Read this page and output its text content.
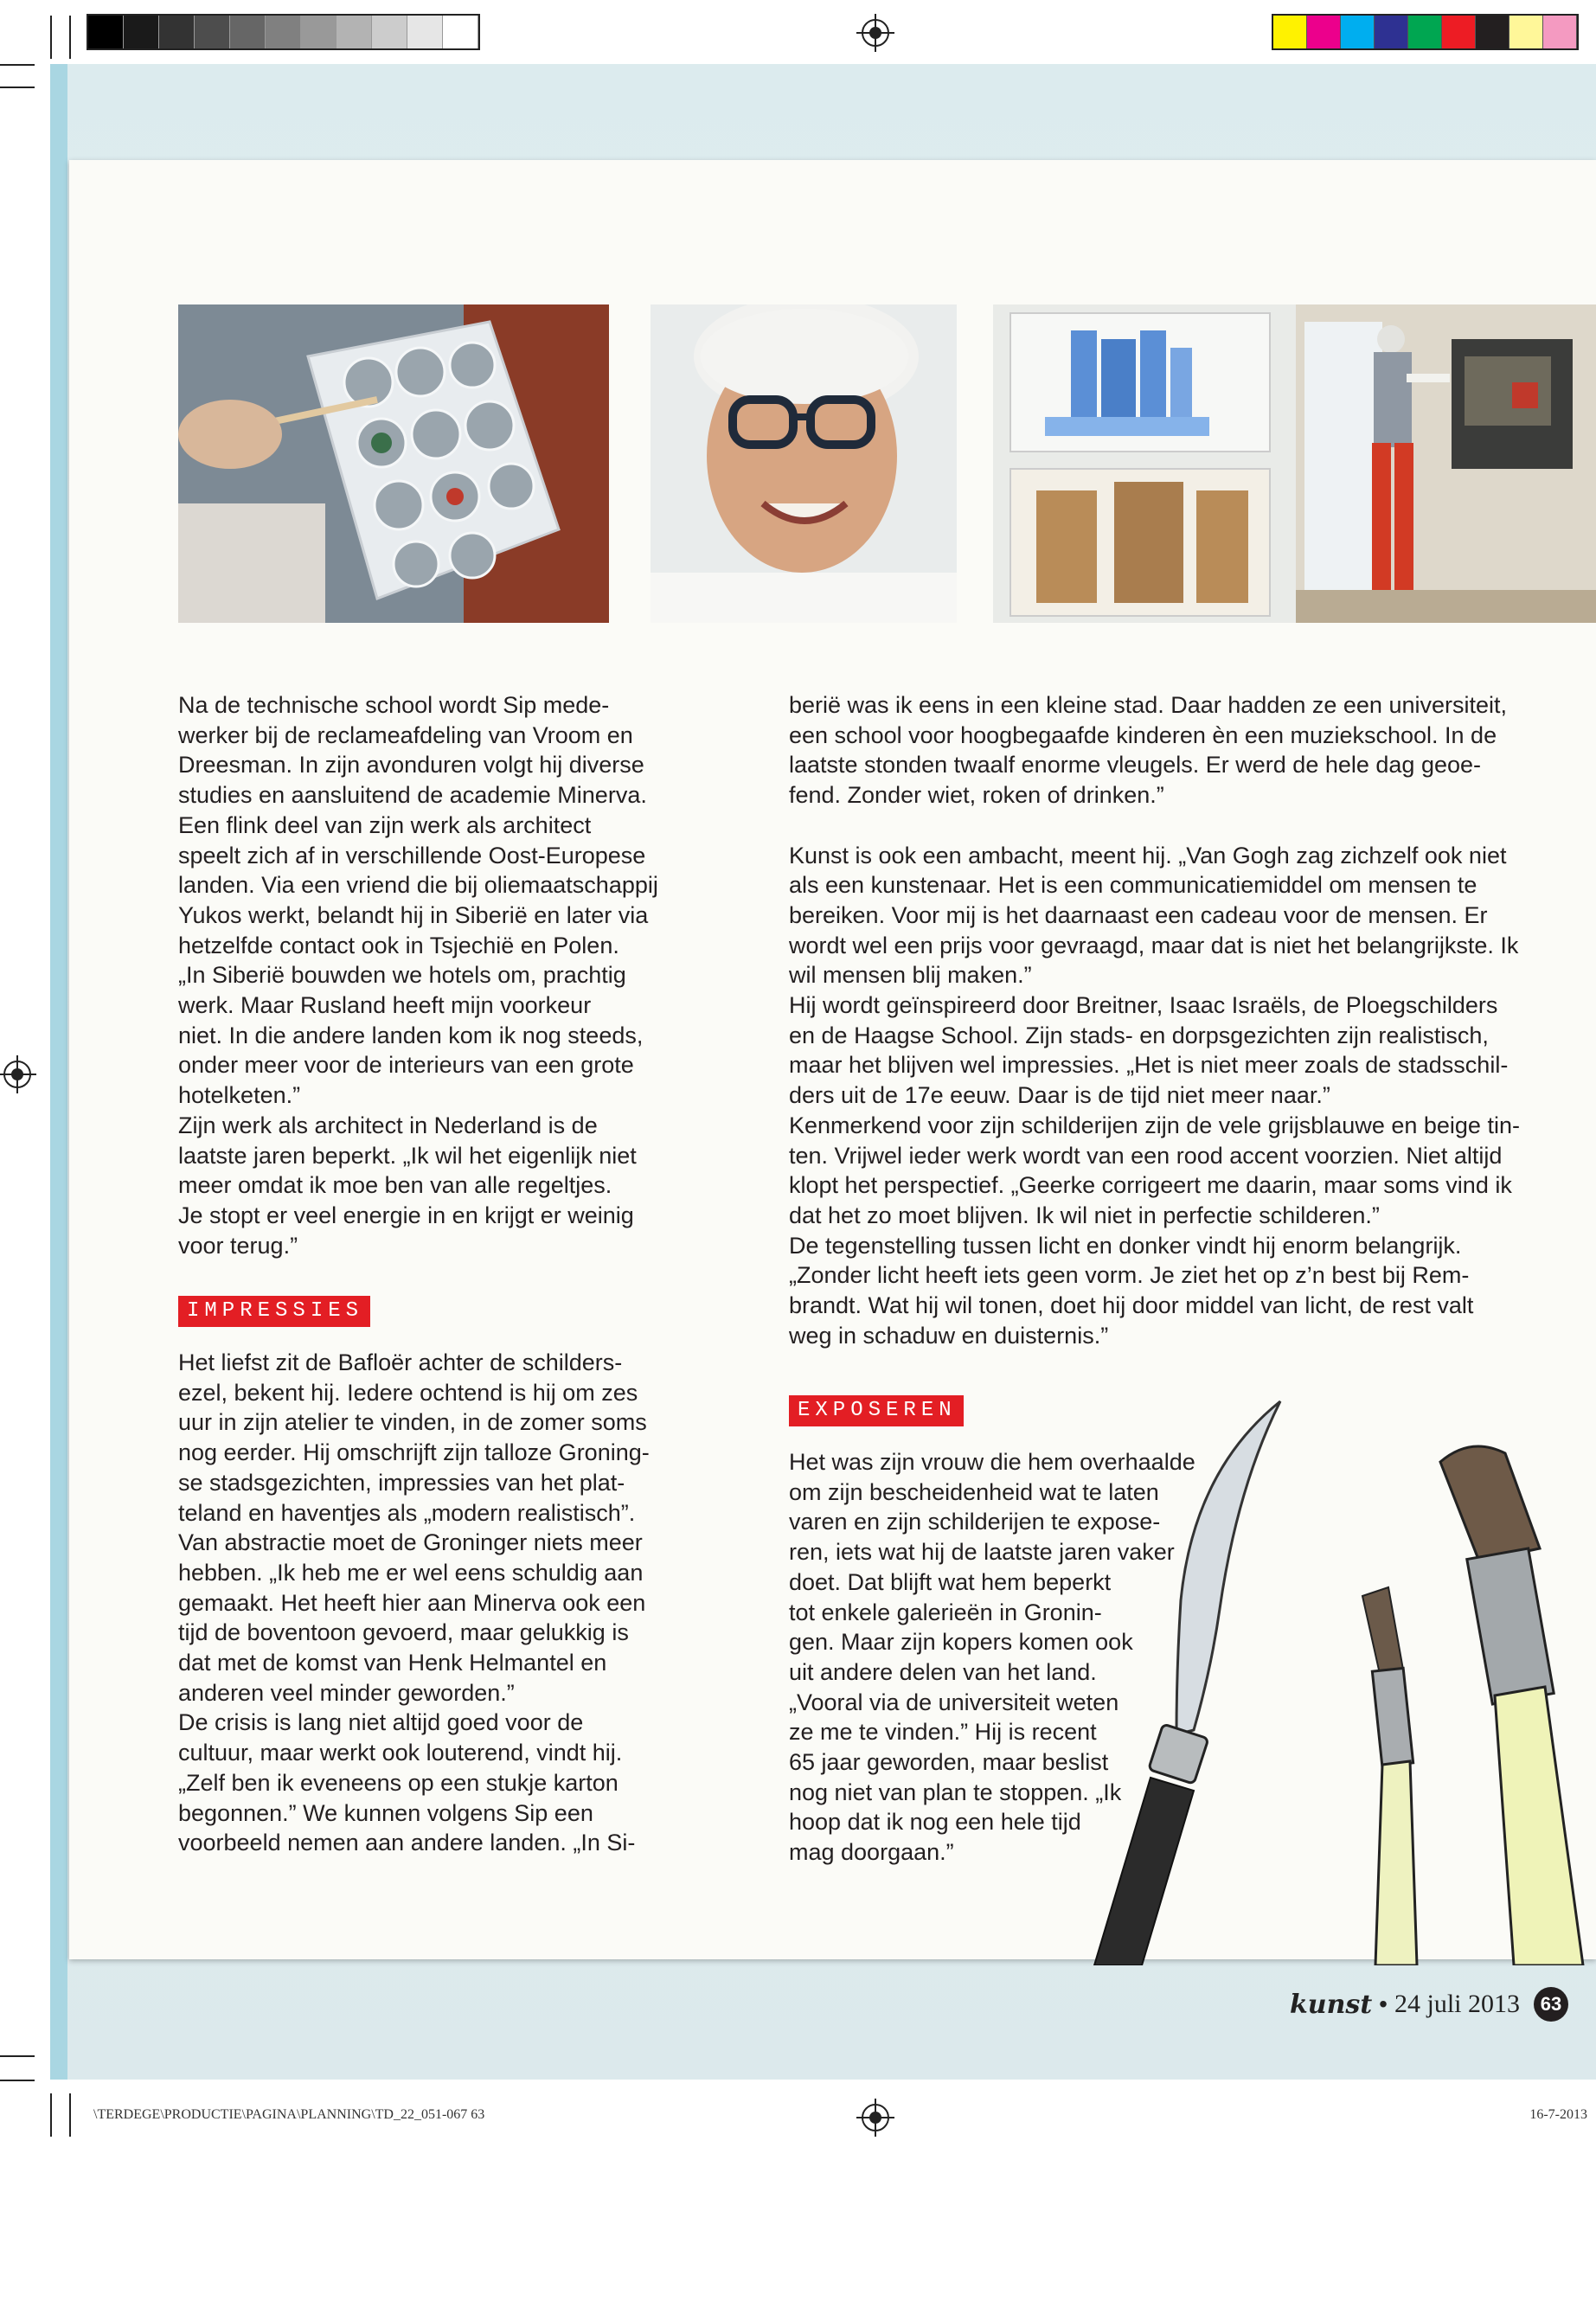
Na de technische school wordt Sip mede-
werker bij de reclameafdeling van Vroom en
Dreesman. In zijn avonduren volgt hij diverse
studies en aansluitend de academie Minerva.
Een flink deel van zijn werk als architect
speelt zich af in verschillende Oost-Europese
landen. Via een vriend die bij oliemaatschappij
Yukos werkt, belandt hij in Siberië en later via
hetzelfde contact ook in Tsjechië en Polen.
„In Siberië bouwden we hotels om, prachtig
werk. Maar Rusland heeft mijn voorkeur
niet. In die andere landen kom ik nog steeds,
onder meer voor de interieurs van een grote
hotelketen.”
Zijn werk als architect in Nederland is de
laatste jaren beperkt. „Ik wil het eigenlijk niet
meer omdat ik moe ben van alle regeltjes.
Je stopt er veel energie in en krijgt er weinig
voor terug.”

IMPRESSIES

Het liefst zit de Bafloër achter de schilders-
ezel, bekent hij. Iedere ochtend is hij om zes
uur in zijn atelier te vinden, in de zomer soms
nog eerder. Hij omschrijft zijn talloze Groning-
se stadsgezichten, impressies van het plat-
teland en haventjes als „modern realistisch”.
Van abstractie moet de Groninger niets meer
hebben. „Ik heb me er wel eens schuldig aan
gemaakt. Het heeft hier aan Minerva ook een
tijd de boventoon gevoerd, maar gelukkig is
dat met de komst van Henk Helmantel en
anderen veel minder geworden.”
De crisis is lang niet altijd goed voor de
cultuur, maar werkt ook louterend, vindt hij.
„Zelf ben ik eveneens op een stukje karton
begonnen.” We kunnen volgens Sip een
voorbeeld nemen aan andere landen. „In Si-

berië was ik eens in een kleine stad. Daar hadden ze een universiteit,
een school voor hoogbegaafde kinderen èn een muziekschool. In de
laatste stonden twaalf enorme vleugels. Er werd de hele dag geoe-
fend. Zonder wiet, roken of drinken.”

Kunst is ook een ambacht, meent hij. „Van Gogh zag zichzelf ook niet
als een kunstenaar. Het is een communicatiemiddel om mensen te
bereiken. Voor mij is het daarnaast een cadeau voor de mensen. Er
wordt wel een prijs voor gevraagd, maar dat is niet het belangrijkste. Ik
wil mensen blij maken.”
Hij wordt geïnspireerd door Breitner, Isaac Israëls, de Ploegschilders
en de Haagse School. Zijn stads- en dorpsgezichten zijn realistisch,
maar het blijven wel impressies. „Het is niet meer zoals de stadsschil-
ders uit de 17e eeuw. Daar is de tijd niet meer naar.”
Kenmerkend voor zijn schilderijen zijn de vele grijsblauwe en beige tin-
ten. Vrijwel ieder werk wordt van een rood accent voorzien. Niet altijd
klopt het perspectief. „Geerke corrigeert me daarin, maar soms vind ik
dat het zo moet blijven. Ik wil niet in perfectie schilderen.”
De tegenstelling tussen licht en donker vindt hij enorm belangrijk.
„Zonder licht heeft iets geen vorm. Je ziet het op z’n best bij Rem-
brandt. Wat hij wil tonen, doet hij door middel van licht, de rest valt
weg in schaduw en duisternis.”

EXPOSEREN

Het was zijn vrouw die hem overhaalde
om zijn bescheidenheid wat te laten
varen en zijn schilderijen te expose-
ren, iets wat hij de laatste jaren vaker
doet. Dat blijft wat hem beperkt
tot enkele galerieën in Gronin-
gen. Maar zijn kopers komen ook
uit andere delen van het land.
„Vooral via de universiteit weten
ze me te vinden.” Hij is recent
65 jaar geworden, maar beslist
nog niet van plan te stoppen. „Ik
hoop dat ik nog een hele tijd
mag doorgaan.”

kunst • 24 juli 2013	63
\TERDEGE\PRODUCTIE\PAGINA\PLANNING\TD_22_051-067 63	16-7-2013
